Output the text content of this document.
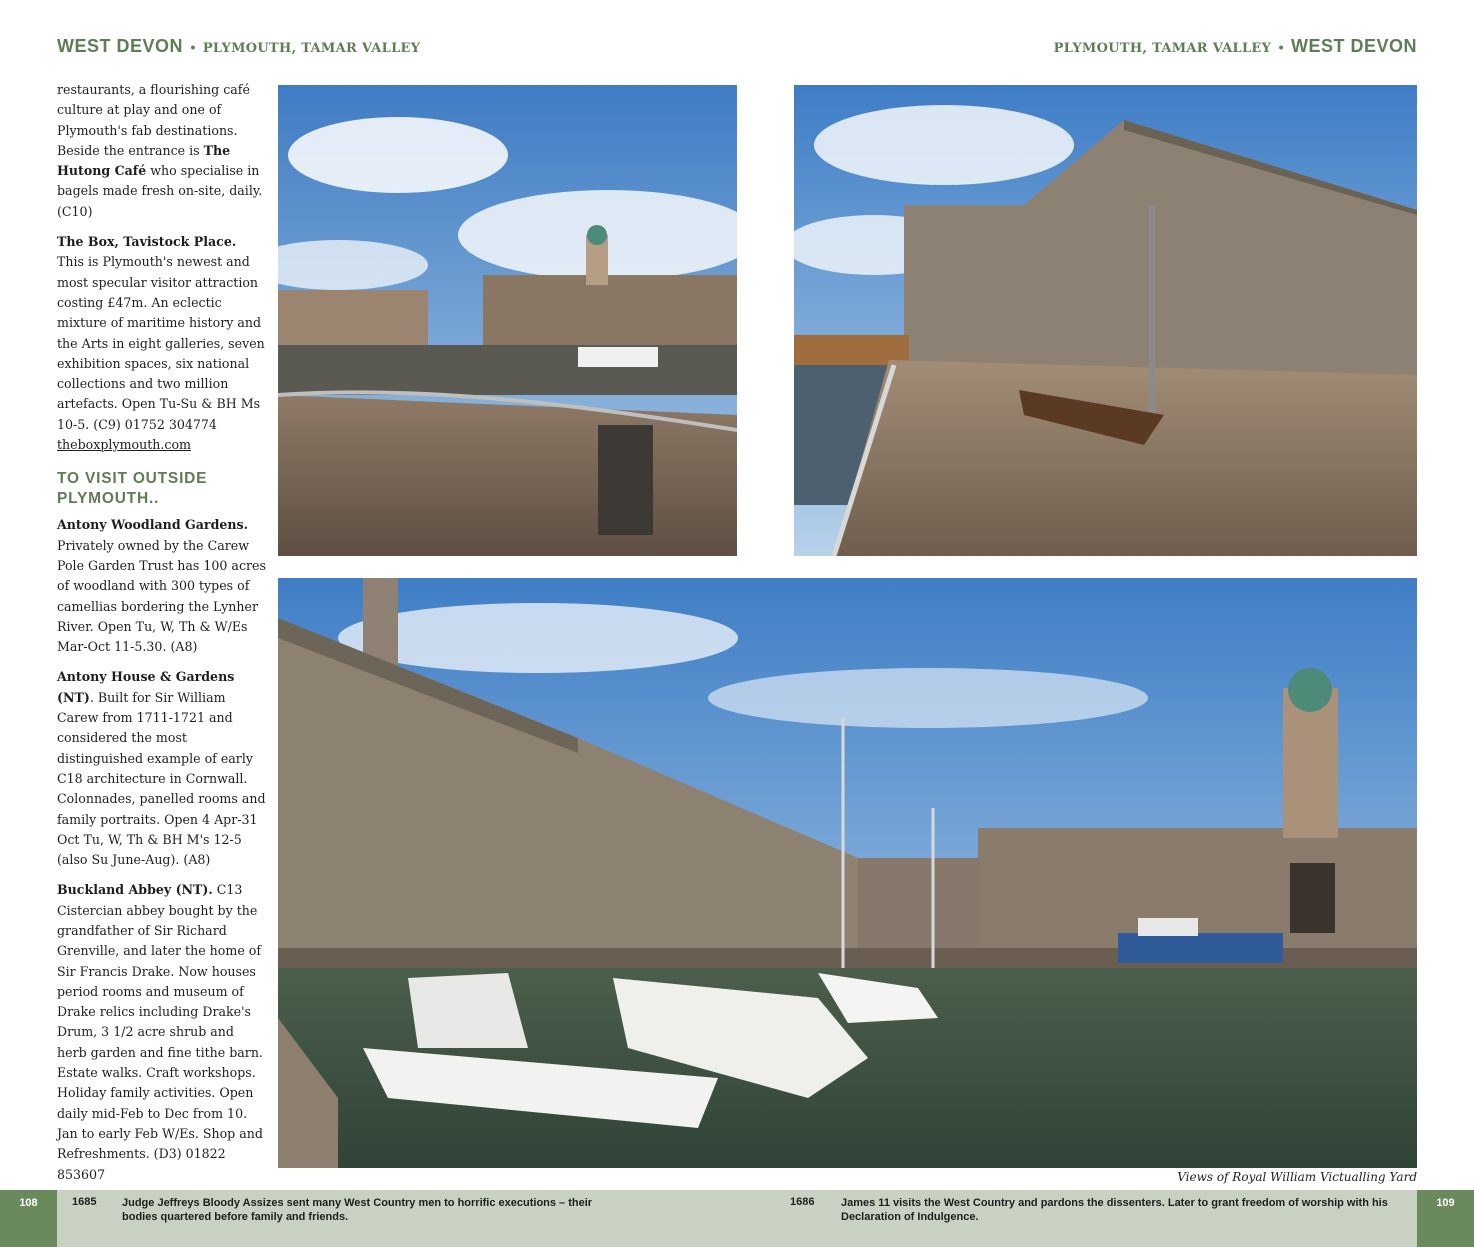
WEST DEVON • PLYMOUTH, TAMAR VALLEY	PLYMOUTH, TAMAR VALLEY • WEST DEVON

restaurants, a flourishing café culture at play and one of Plymouth's fab destinations. Beside the entrance is The Hutong Café who specialise in bagels made fresh on-site, daily. (C10)

The Box, Tavistock Place. This is Plymouth's newest and most specular visitor attraction costing £47m. An eclectic mixture of maritime history and the Arts in eight galleries, seven exhibition spaces, six national collections and two million artefacts. Open Tu-Su & BH Ms 10-5. (C9) 01752 304774 theboxplymouth.com

TO VISIT OUTSIDE PLYMOUTH..

Antony Woodland Gardens. Privately owned by the Carew Pole Garden Trust has 100 acres of woodland with 300 types of camellias bordering the Lynher River. Open Tu, W, Th & W/Es Mar-Oct 11-5.30. (A8)

Antony House & Gardens (NT). Built for Sir William Carew from 1711-1721 and considered the most distinguished example of early C18 architecture in Cornwall. Colonnades, panelled rooms and family portraits. Open 4 Apr-31 Oct Tu, W, Th & BH M's 12-5 (also Su June-Aug). (A8)

Buckland Abbey (NT). C13 Cistercian abbey bought by the grandfather of Sir Richard Grenville, and later the home of Sir Francis Drake. Now houses period rooms and museum of Drake relics including Drake's Drum, 3 1/2 acre shrub and herb garden and fine tithe barn. Estate walks. Craft workshops. Holiday family activities. Open daily mid-Feb to Dec from 10. Jan to early Feb W/Es. Shop and Refreshments. (D3) 01822 853607	Views of Royal William Victualling Yard
108	109
1685 Judge Jeffreys Bloody Assizes sent many West Country men to horrific executions – their bodies quartered before family and friends.
1686 James 11 visits the West Country and pardons the dissenters. Later to grant freedom of worship with his Declaration of Indulgence.
